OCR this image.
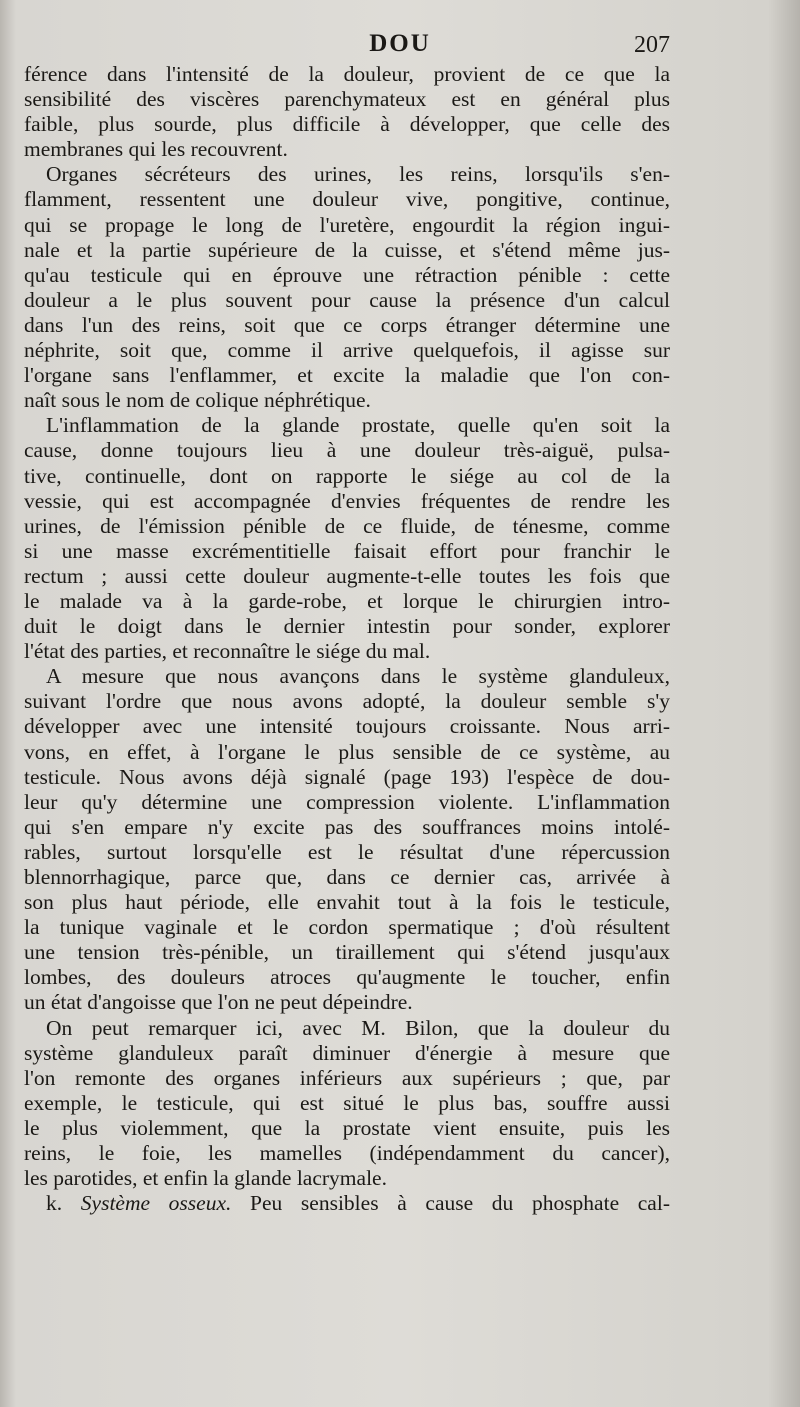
DOU	207
férence dans l'intensité de la douleur, provient de ce que la
sensibilité des viscères parenchymateux est en général plus
faible, plus sourde, plus difficile à développer, que celle des
membranes qui les recouvrent.
Organes sécréteurs des urines, les reins, lorsqu'ils s'en-
flamment, ressentent une douleur vive, pongitive, continue,
qui se propage le long de l'uretère, engourdit la région ingui-
nale et la partie supérieure de la cuisse, et s'étend même jus-
qu'au testicule qui en éprouve une rétraction pénible : cette
douleur a le plus souvent pour cause la présence d'un calcul
dans l'un des reins, soit que ce corps étranger détermine une
néphrite, soit que, comme il arrive quelquefois, il agisse sur
l'organe sans l'enflammer, et excite la maladie que l'on con-
naît sous le nom de colique néphrétique.
L'inflammation de la glande prostate, quelle qu'en soit la
cause, donne toujours lieu à une douleur très-aiguë, pulsa-
tive, continuelle, dont on rapporte le siége au col de la
vessie, qui est accompagnée d'envies fréquentes de rendre les
urines, de l'émission pénible de ce fluide, de ténesme, comme
si une masse excrémentitielle faisait effort pour franchir le
rectum ; aussi cette douleur augmente-t-elle toutes les fois que
le malade va à la garde-robe, et lorque le chirurgien intro-
duit le doigt dans le dernier intestin pour sonder, explorer
l'état des parties, et reconnaître le siége du mal.
A mesure que nous avançons dans le système glanduleux,
suivant l'ordre que nous avons adopté, la douleur semble s'y
développer avec une intensité toujours croissante. Nous arri-
vons, en effet, à l'organe le plus sensible de ce système, au
testicule. Nous avons déjà signalé (page 193) l'espèce de dou-
leur qu'y détermine une compression violente. L'inflammation
qui s'en empare n'y excite pas des souffrances moins intolé-
rables, surtout lorsqu'elle est le résultat d'une répercussion
blennorrhagique, parce que, dans ce dernier cas, arrivée à
son plus haut période, elle envahit tout à la fois le testicule,
la tunique vaginale et le cordon spermatique ; d'où résultent
une tension très-pénible, un tiraillement qui s'étend jusqu'aux
lombes, des douleurs atroces qu'augmente le toucher, enfin
un état d'angoisse que l'on ne peut dépeindre.
On peut remarquer ici, avec M. Bilon, que la douleur du
système glanduleux paraît diminuer d'énergie à mesure que
l'on remonte des organes inférieurs aux supérieurs ; que, par
exemple, le testicule, qui est situé le plus bas, souffre aussi
le plus violemment, que la prostate vient ensuite, puis les
reins, le foie, les mamelles (indépendamment du cancer),
les parotides, et enfin la glande lacrymale.
k. Système osseux. Peu sensibles à cause du phosphate cal-
